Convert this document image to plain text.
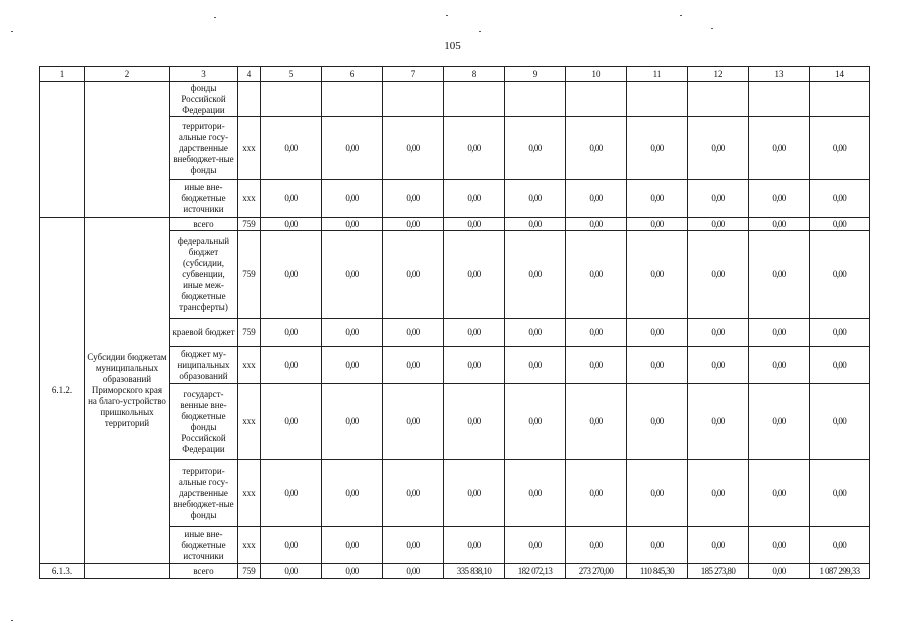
105
1	2	3	4	5	6	7	8	9	10	11	12	13	14
		фонды Российской Федерации											
		территори-альные госу-дарственные внебюджет-ные фонды	xxx	0,00	0,00	0,00	0,00	0,00	0,00	0,00	0,00	0,00	0,00
		иные вне-бюджетные источники	xxx	0,00	0,00	0,00	0,00	0,00	0,00	0,00	0,00	0,00	0,00
6.1.2.	Субсидии бюджетам муниципальных образований Приморского края на благо-устройство пришкольных территорий	всего	759	0,00	0,00	0,00	0,00	0,00	0,00	0,00	0,00	0,00	0,00
		федеральный бюджет (субсидии, субвенции, иные меж-бюджетные трансферты)	759	0,00	0,00	0,00	0,00	0,00	0,00	0,00	0,00	0,00	0,00
		краевой бюджет	759	0,00	0,00	0,00	0,00	0,00	0,00	0,00	0,00	0,00	0,00
		бюджет му-ниципальных образований	xxx	0,00	0,00	0,00	0,00	0,00	0,00	0,00	0,00	0,00	0,00
		государст-венные вне-бюджетные фонды Российской Федерации	xxx	0,00	0,00	0,00	0,00	0,00	0,00	0,00	0,00	0,00	0,00
		территори-альные госу-дарственные внебюджет-ные фонды	xxx	0,00	0,00	0,00	0,00	0,00	0,00	0,00	0,00	0,00	0,00
		иные вне-бюджетные источники	xxx	0,00	0,00	0,00	0,00	0,00	0,00	0,00	0,00	0,00	0,00
6.1.3.		всего	759	0,00	0,00	0,00	335 838,10	182 072,13	273 270,00	110 845,30	185 273,80	0,00	1 087 299,33
